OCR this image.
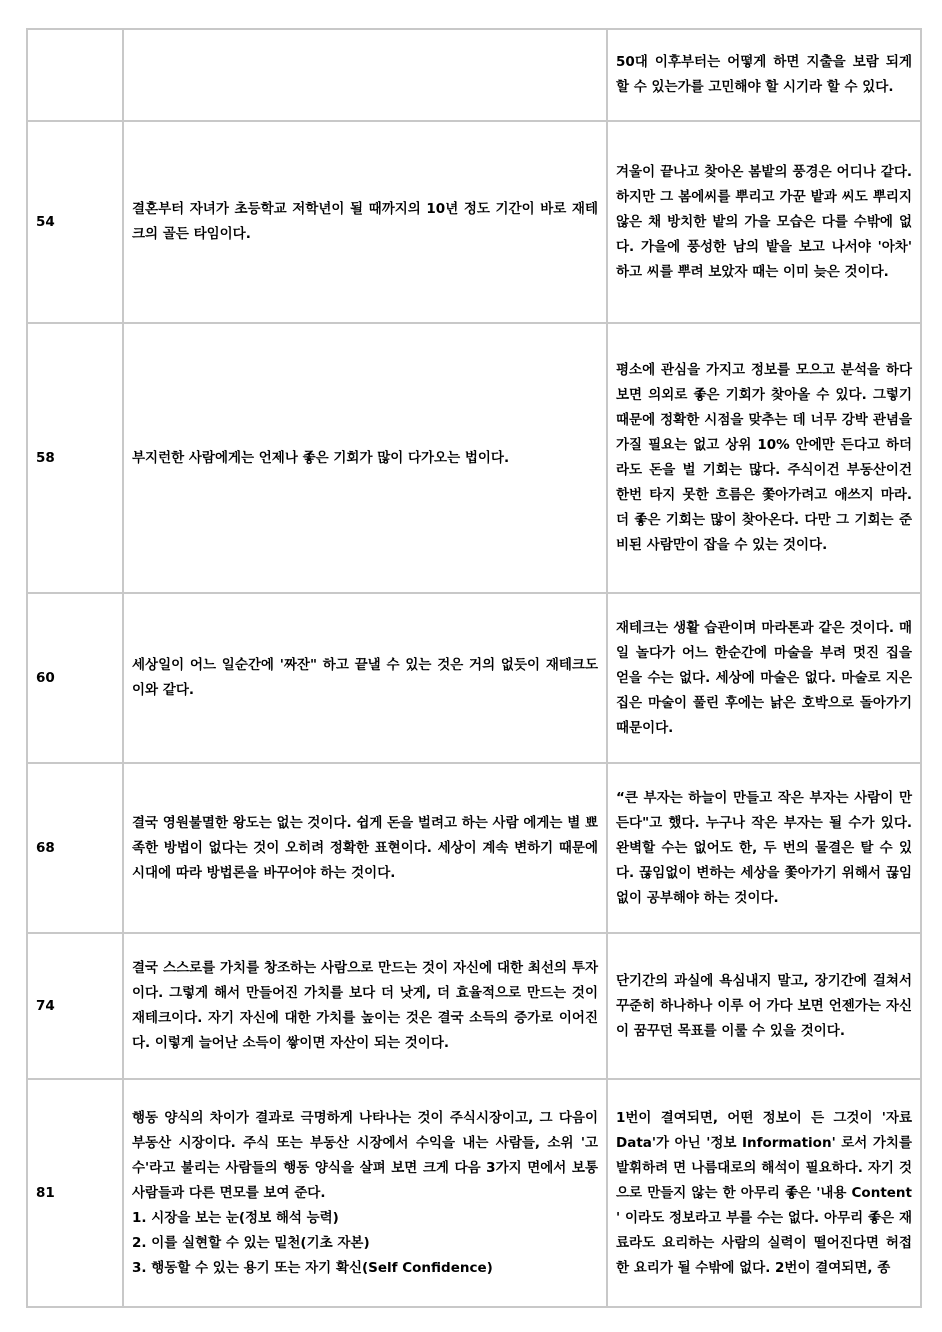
		50대 이후부터는 어떻게 하면 지출을 보람 되게 할 수 있는가를 고민해야 할 시기라 할 수 있다.
54	결혼부터 자녀가 초등학교 저학년이 될 때까지의 10년 정도 기간이 바로 재테크의 골든 타임이다.	겨울이 끝나고 찾아온 봄밭의 풍경은 어디나 같다. 하지만 그 봄에씨를 뿌리고 가꾼 밭과 씨도 뿌리지 않은 채 방치한 밭의 가을 모습은 다를 수밖에 없다. 가을에 풍성한 남의 밭을 보고 나서야 '아차' 하고 씨를 뿌려 보았자 때는 이미 늦은 것이다.
58	부지런한 사람에게는 언제나 좋은 기회가 많이 다가오는 법이다.	평소에 관심을 가지고 정보를 모으고 분석을 하다 보면 의외로 좋은 기회가 찾아올 수 있다. 그렇기 때문에 정확한 시점을 맞추는 데 너무 강박 관념을 가질 필요는 없고 상위 10% 안에만 든다고 하더라도 돈을 벌 기회는 많다. 주식이건 부동산이건 한번 타지 못한 흐름은 쫓아가려고 애쓰지 마라. 더 좋은 기회는 많이 찾아온다. 다만 그 기회는 준비된 사람만이 잡을 수 있는 것이다.
60	세상일이 어느 일순간에 '짜잔" 하고 끝낼 수 있는 것은 거의 없듯이 재테크도 이와 같다.	재테크는 생활 습관이며 마라톤과 같은 것이다. 매일 놀다가 어느 한순간에 마술을 부려 멋진 집을 얻을 수는 없다. 세상에 마술은 없다. 마술로 지은 집은 마술이 풀린 후에는 낡은 호박으로 돌아가기 때문이다.
68	결국 영원불멸한 왕도는 없는 것이다. 쉽게 돈을 벌려고 하는 사람 에게는 별 뾰족한 방법이 없다는 것이 오히려 정확한 표현이다. 세상이 계속 변하기 때문에 시대에 따라 방법론을 바꾸어야 하는 것이다.	“큰 부자는 하늘이 만들고 작은 부자는 사람이 만든다"고 했다. 누구나 작은 부자는 될 수가 있다. 완벽할 수는 없어도 한, 두 번의 물결은 탈 수 있다. 끊임없이 변하는 세상을 쫓아가기 위해서 끊임없이 공부해야 하는 것이다.
74	결국 스스로를 가치를 창조하는 사람으로 만드는 것이 자신에 대한 최선의 투자이다. 그렇게 해서 만들어진 가치를 보다 더 낫게, 더 효율적으로 만드는 것이 재테크이다. 자기 자신에 대한 가치를 높이는 것은 결국 소득의 증가로 이어진다. 이렇게 늘어난 소득이 쌓이면 자산이 되는 것이다.	단기간의 과실에 욕심내지 말고, 장기간에 걸쳐서 꾸준히 하나하나 이루 어 가다 보면 언젠가는 자신이 꿈꾸던 목표를 이룰 수 있을 것이다.
81	행동 양식의 차이가 결과로 극명하게 나타나는 것이 주식시장이고, 그 다음이 부동산 시장이다. 주식 또는 부동산 시장에서 수익을 내는 사람들, 소위 '고수'라고 불리는 사람들의 행동 양식을 살펴 보면 크게 다음 3가지 면에서 보통 사람들과 다른 면모를 보여 준다.
1. 시장을 보는 눈(정보 해석 능력)
2. 이를 실현할 수 있는 밑천(기초 자본)
3. 행동할 수 있는 용기 또는 자기 확신(Self Confidence)	1번이 결여되면, 어떤 정보이 든 그것이 '자료Data'가 아닌 '정보 Information' 로서 가치를 발휘하려 면 나름대로의 해석이 필요하다. 자기 것으로 만들지 않는 한 아무리 좋은 '내용 Content ' 이라도 정보라고 부를 수는 없다. 아무리 좋은 재료라도 요리하는 사람의 실력이 떨어진다면 허접한 요리가 될 수밖에 없다. 2번이 결여되면, 종
